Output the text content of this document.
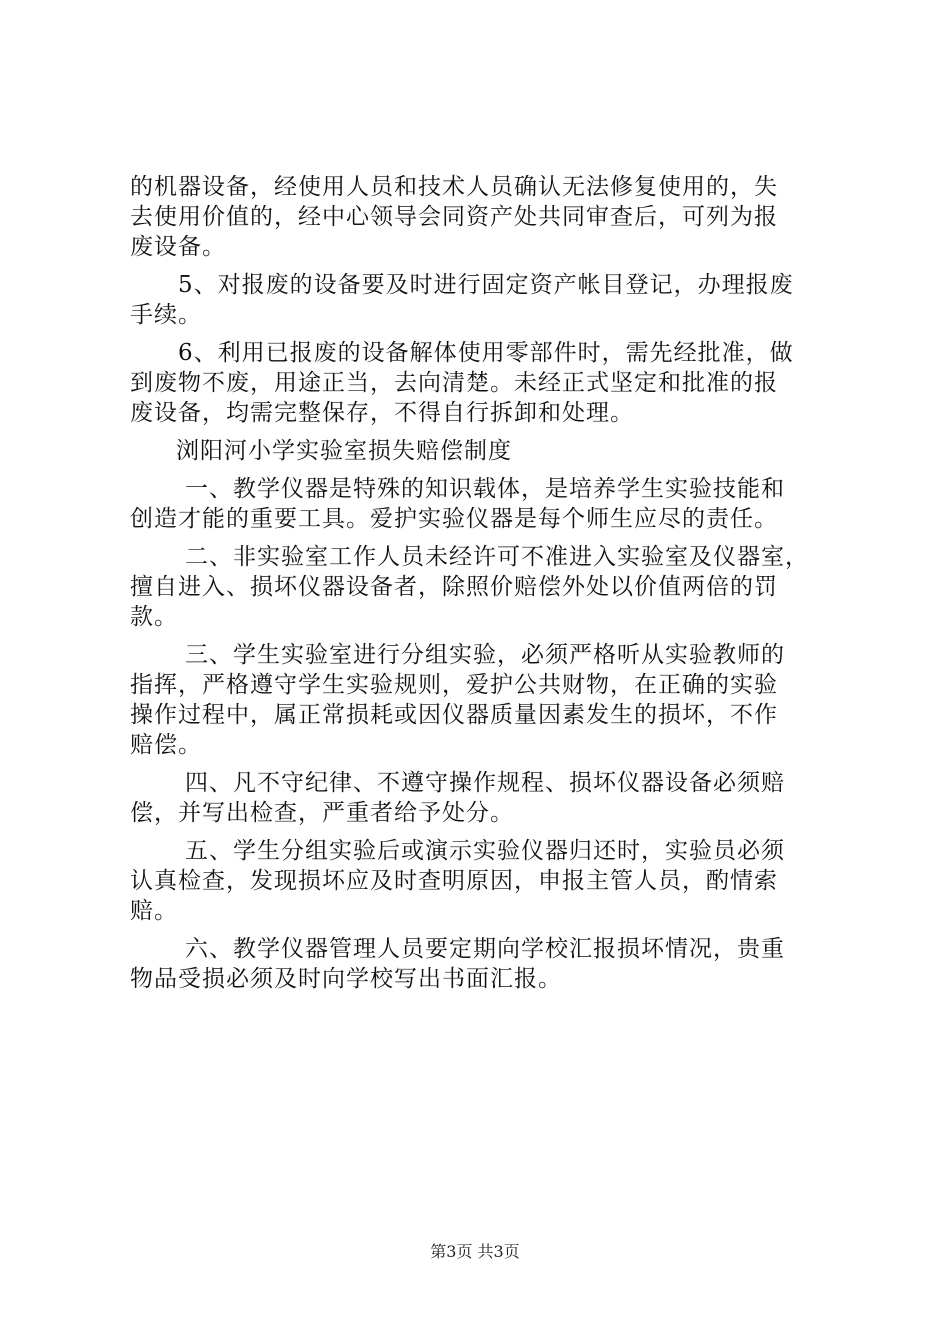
的机器设备，经使用人员和技术人员确认无法修复使用的，失
去使用价值的，经中心领导会同资产处共同审查后，可列为报
废设备。
5、对报废的设备要及时进行固定资产帐目登记，办理报废
手续。
6、利用已报废的设备解体使用零部件时，需先经批准，做
到废物不废，用途正当，去向清楚。未经正式坚定和批准的报
废设备，均需完整保存，不得自行拆卸和处理。
浏阳河小学实验室损失赔偿制度
一、教学仪器是特殊的知识载体，是培养学生实验技能和
创造才能的重要工具。爱护实验仪器是每个师生应尽的责任。
二、非实验室工作人员未经许可不准进入实验室及仪器室，
擅自进入、损坏仪器设备者，除照价赔偿外处以价值两倍的罚
款。
三、学生实验室进行分组实验，必须严格听从实验教师的
指挥，严格遵守学生实验规则，爱护公共财物，在正确的实验
操作过程中，属正常损耗或因仪器质量因素发生的损坏，不作
赔偿。
四、凡不守纪律、不遵守操作规程、损坏仪器设备必须赔
偿，并写出检查，严重者给予处分。
五、学生分组实验后或演示实验仪器归还时，实验员必须
认真检查，发现损坏应及时查明原因，申报主管人员，酌情索
赔。
六、教学仪器管理人员要定期向学校汇报损坏情况，贵重
物品受损必须及时向学校写出书面汇报。
第3页 共3页
